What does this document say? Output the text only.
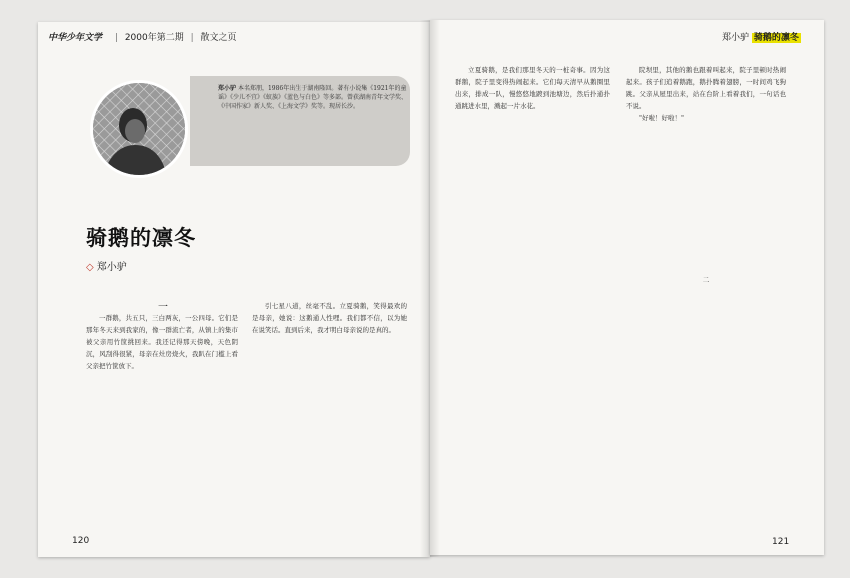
中华少年文学 | 2000年第二期 | 散文之页	郑小驴 骑鹅的凛冬
郑小驴 本名郑朋，1986年出生于湖南隆回。著有小说集《1921年的童谣》《少儿不宜》《蚁族》《蓝色与白色》等多部。曾获湖南青年文学奖、《中国作家》新人奖、《上海文学》奖等。现居长沙。
骑鹅的凛冬
◇ 郑小驴
一

一群鹅，共五只，三白两灰，一公四母。它们是那年冬天来到我家的，像一群流亡者，从镇上的集市被父亲用竹筐挑回来。我还记得那天傍晚，天色阴沉，风刮得很紧，母亲在灶房烧火，我趴在门槛上看父亲把竹筐放下。

引七星八道，丝毫不乱。立夏骑鹅，笑得最欢的是母亲，她说：这鹅通人性哩。我们都不信，以为她在说笑话。直到后来，我才明白母亲说的是真的。

立夏骑鹅，是我们那里冬天的一桩奇事。因为这群鹅，院子里变得热闹起来。它们每天清早从鹅圈里出来，排成一队，慢悠悠地踱到池塘边，然后扑通扑通跳进水里，溅起一片水花。

院坝里，其他的鹅也跟着叫起来，院子里顿时热闹起来。孩子们追着鹅跑，鹅扑腾着翅膀，一时间鸡飞狗跳。父亲从屋里出来，站在台阶上看着我们，一句话也不说。

"好啦！好啦！"

二

120	121
